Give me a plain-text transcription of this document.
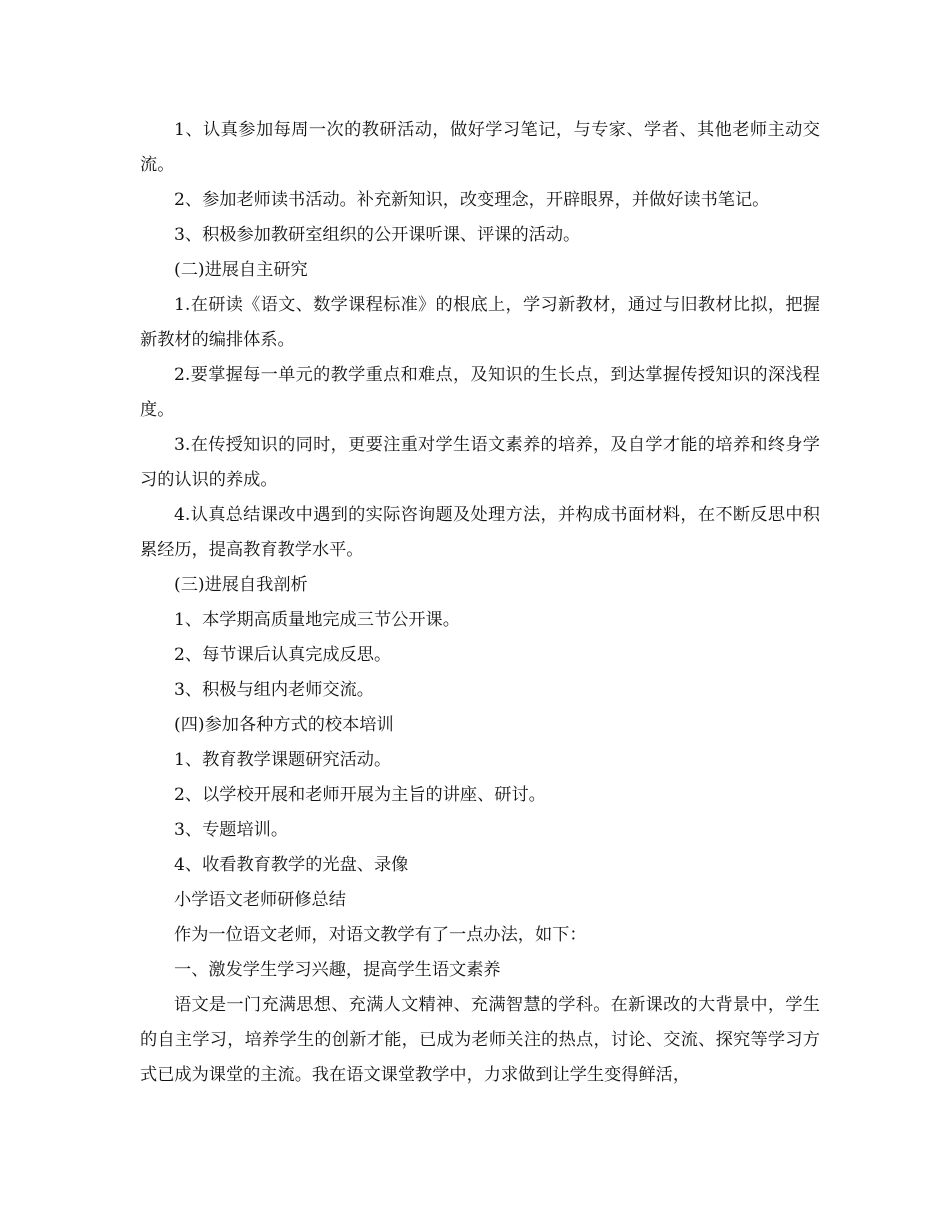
1、认真参加每周一次的教研活动，做好学习笔记，与专家、学者、其他老师主动交流。

2、参加老师读书活动。补充新知识，改变理念，开辟眼界，并做好读书笔记。

3、积极参加教研室组织的公开课听课、评课的活动。

(二)进展自主研究

1.在研读《语文、数学课程标准》的根底上，学习新教材，通过与旧教材比拟，把握新教材的编排体系。

2.要掌握每一单元的教学重点和难点，及知识的生长点，到达掌握传授知识的深浅程度。

3.在传授知识的同时，更要注重对学生语文素养的培养，及自学才能的培养和终身学习的认识的养成。

4.认真总结课改中遇到的实际咨询题及处理方法，并构成书面材料，在不断反思中积累经历，提高教育教学水平。

(三)进展自我剖析

1、本学期高质量地完成三节公开课。

2、每节课后认真完成反思。

3、积极与组内老师交流。

(四)参加各种方式的校本培训

1、教育教学课题研究活动。

2、以学校开展和老师开展为主旨的讲座、研讨。

3、专题培训。

4、收看教育教学的光盘、录像

小学语文老师研修总结

作为一位语文老师，对语文教学有了一点办法，如下：

一、激发学生学习兴趣，提高学生语文素养

语文是一门充满思想、充满人文精神、充满智慧的学科。在新课改的大背景中，学生的自主学习，培养学生的创新才能，已成为老师关注的热点，讨论、交流、探究等学习方式已成为课堂的主流。我在语文课堂教学中，力求做到让学生变得鲜活，
